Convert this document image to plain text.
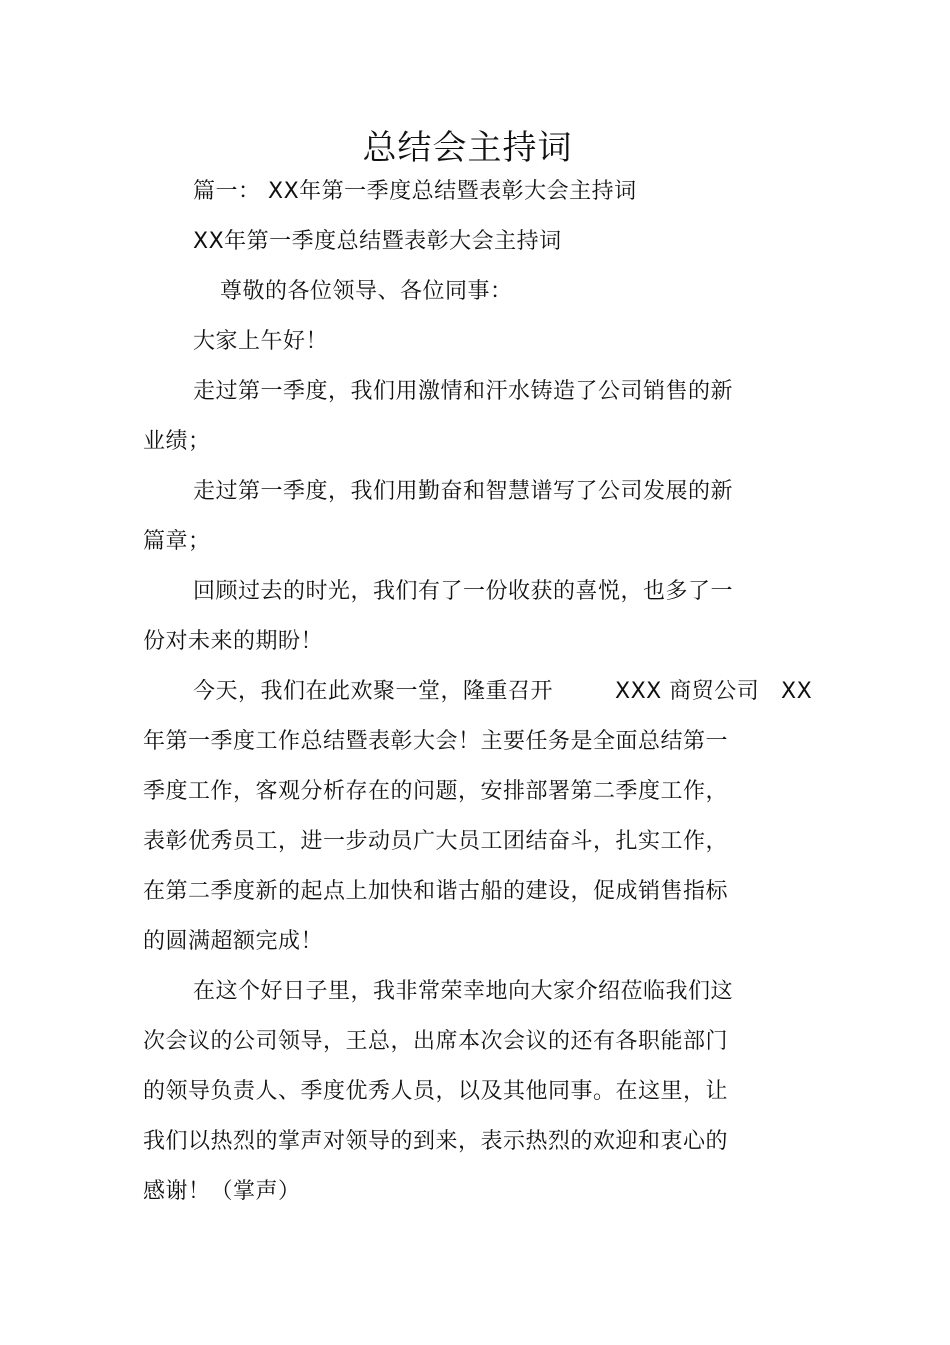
总结会主持词
篇一： XX年第一季度总结暨表彰大会主持词
XX年第一季度总结暨表彰大会主持词
尊敬的各位领导、各位同事：
大家上午好！
走过第一季度，我们用激情和汗水铸造了公司销售的新
业绩；
走过第一季度，我们用勤奋和智慧谱写了公司发展的新
篇章；
回顾过去的时光，我们有了一份收获的喜悦，也多了一
份对未来的期盼！
今天，我们在此欢聚一堂，隆重召开	XXX 商贸公司 XX
年第一季度工作总结暨表彰大会！主要任务是全面总结第一
季度工作，客观分析存在的问题，安排部署第二季度工作，
表彰优秀员工，进一步动员广大员工团结奋斗，扎实工作，
在第二季度新的起点上加快和谐古船的建设，促成销售指标
的圆满超额完成！
在这个好日子里，我非常荣幸地向大家介绍莅临我们这
次会议的公司领导，王总，出席本次会议的还有各职能部门
的领导负责人、季度优秀人员，以及其他同事。在这里，让
我们以热烈的掌声对领导的到来，表示热烈的欢迎和衷心的
感谢！（掌声）
